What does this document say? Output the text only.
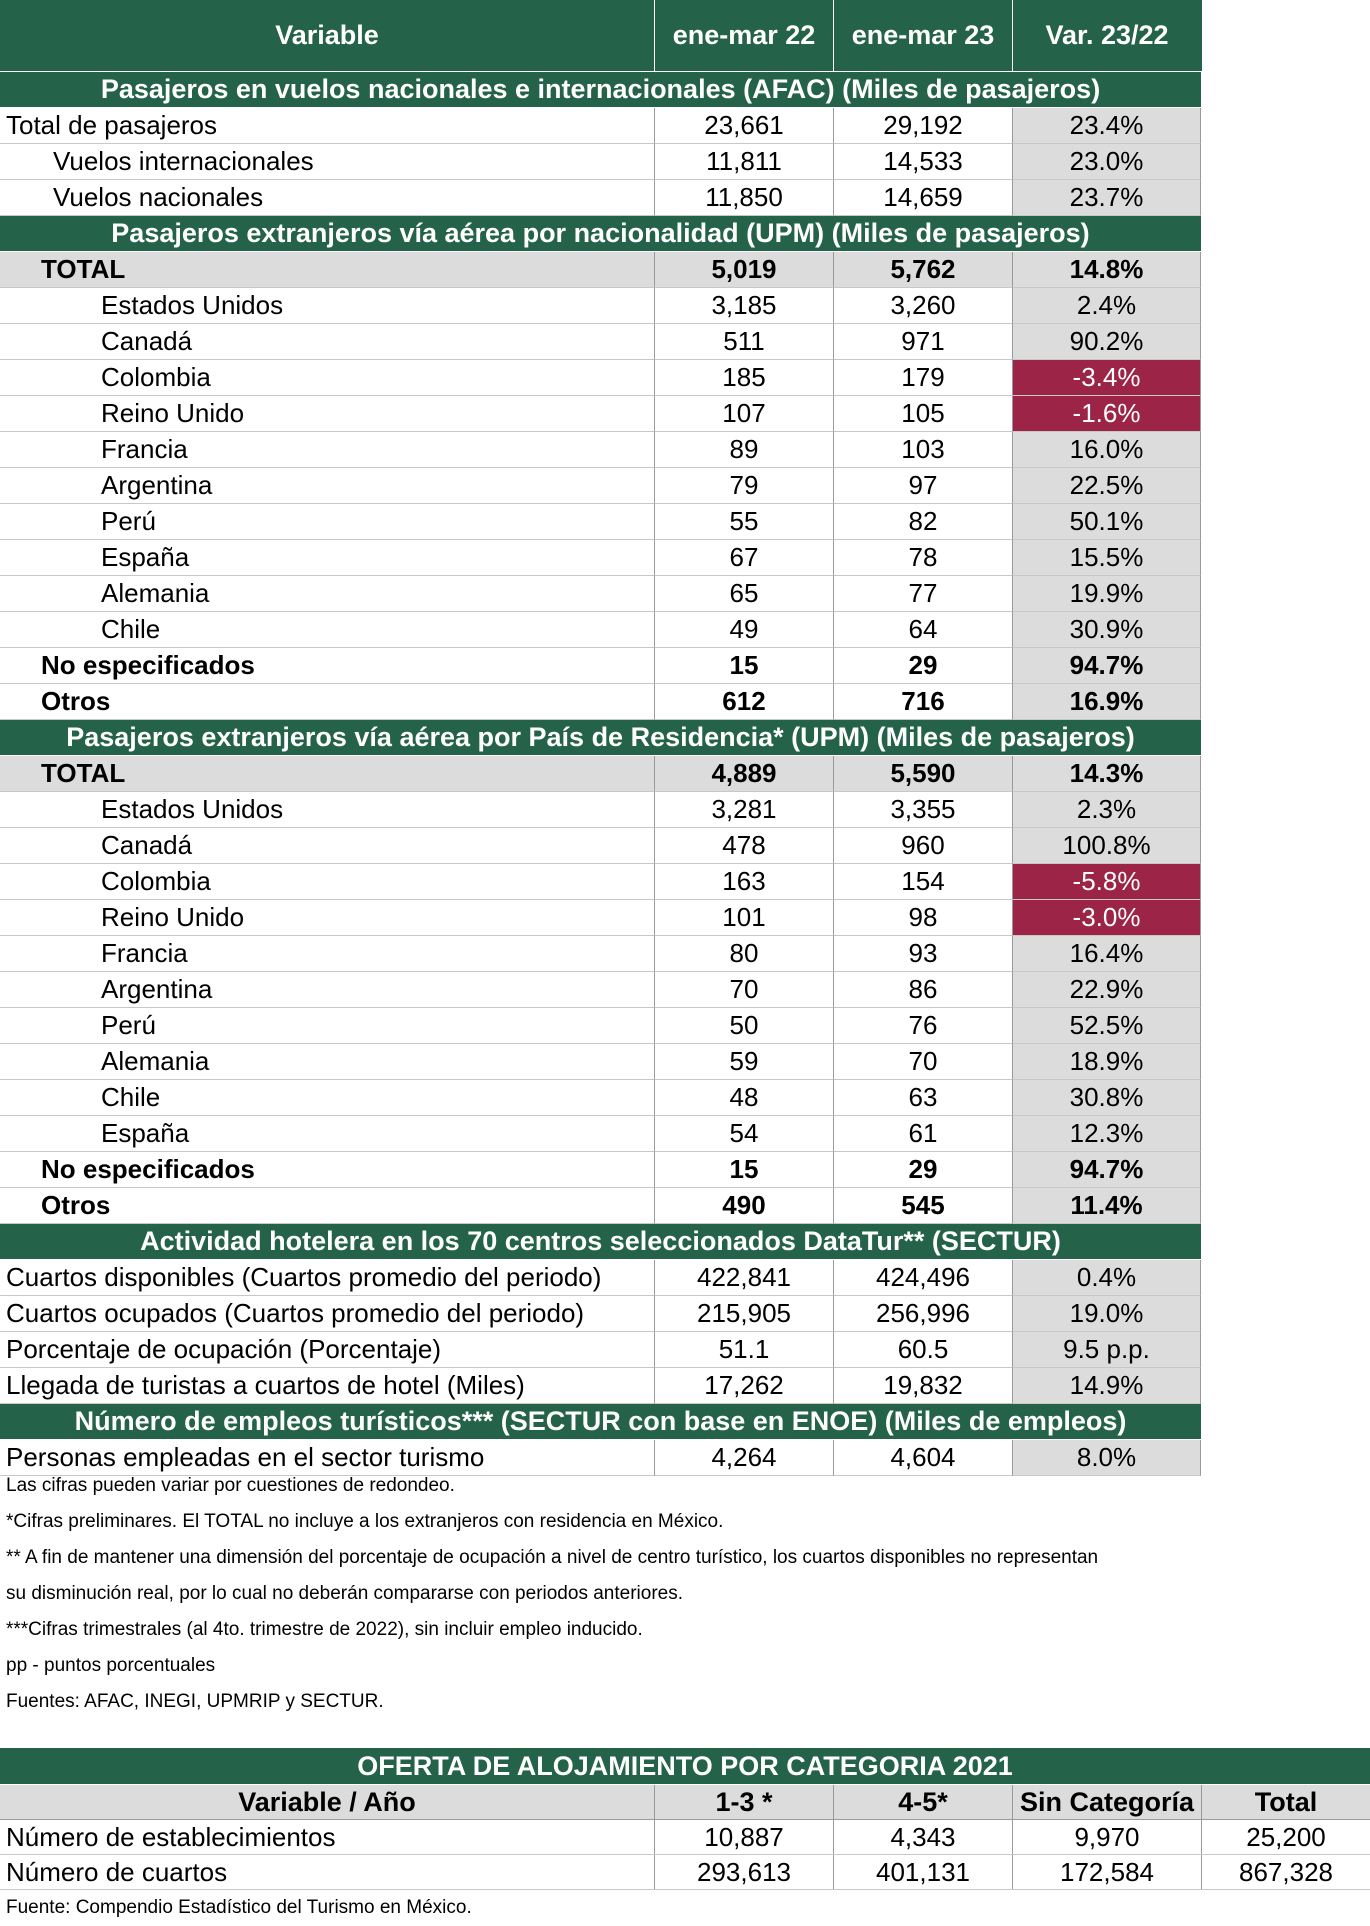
Variable	ene-mar 22	ene-mar 23	Var. 23/22
Pasajeros en vuelos nacionales e internacionales (AFAC) (Miles de pasajeros)
Total de pasajeros	23,661	29,192	23.4%
Vuelos internacionales	11,811	14,533	23.0%
Vuelos nacionales	11,850	14,659	23.7%
Pasajeros extranjeros vía aérea por nacionalidad (UPM) (Miles de pasajeros)
TOTAL	5,019	5,762	14.8%
Estados Unidos	3,185	3,260	2.4%
Canadá	511	971	90.2%
Colombia	185	179	-3.4%
Reino Unido	107	105	-1.6%
Francia	89	103	16.0%
Argentina	79	97	22.5%
Perú	55	82	50.1%
España	67	78	15.5%
Alemania	65	77	19.9%
Chile	49	64	30.9%
No especificados	15	29	94.7%
Otros	612	716	16.9%
Pasajeros extranjeros vía aérea por País de Residencia* (UPM) (Miles de pasajeros)
TOTAL	4,889	5,590	14.3%
Estados Unidos	3,281	3,355	2.3%
Canadá	478	960	100.8%
Colombia	163	154	-5.8%
Reino Unido	101	98	-3.0%
Francia	80	93	16.4%
Argentina	70	86	22.9%
Perú	50	76	52.5%
Alemania	59	70	18.9%
Chile	48	63	30.8%
España	54	61	12.3%
No especificados	15	29	94.7%
Otros	490	545	11.4%
Actividad hotelera en los 70 centros seleccionados DataTur** (SECTUR)
Cuartos disponibles (Cuartos promedio del periodo)	422,841	424,496	0.4%
Cuartos ocupados (Cuartos promedio del periodo)	215,905	256,996	19.0%
Porcentaje de ocupación (Porcentaje)	51.1	60.5	9.5 p.p.
Llegada de turistas a cuartos de hotel (Miles)	17,262	19,832	14.9%
Número de empleos turísticos*** (SECTUR con base en ENOE) (Miles de empleos)
Personas empleadas en el sector turismo	4,264	4,604	8.0%
Las cifras pueden variar por cuestiones de redondeo.
*Cifras preliminares. El TOTAL no incluye a los extranjeros con residencia en México.
** A fin de mantener una dimensión del porcentaje de ocupación a nivel de centro turístico, los cuartos disponibles no representan
su disminución real, por lo cual no deberán compararse con periodos anteriores.
***Cifras trimestrales (al 4to. trimestre de 2022), sin incluir empleo inducido.
pp - puntos porcentuales
Fuentes: AFAC, INEGI, UPMRIP y SECTUR.
OFERTA DE ALOJAMIENTO POR CATEGORIA 2021
Variable / Año	1-3 *	4-5*	Sin Categoría	Total
Número de establecimientos	10,887	4,343	9,970	25,200
Número de cuartos	293,613	401,131	172,584	867,328
Fuente: Compendio Estadístico del Turismo en México.
